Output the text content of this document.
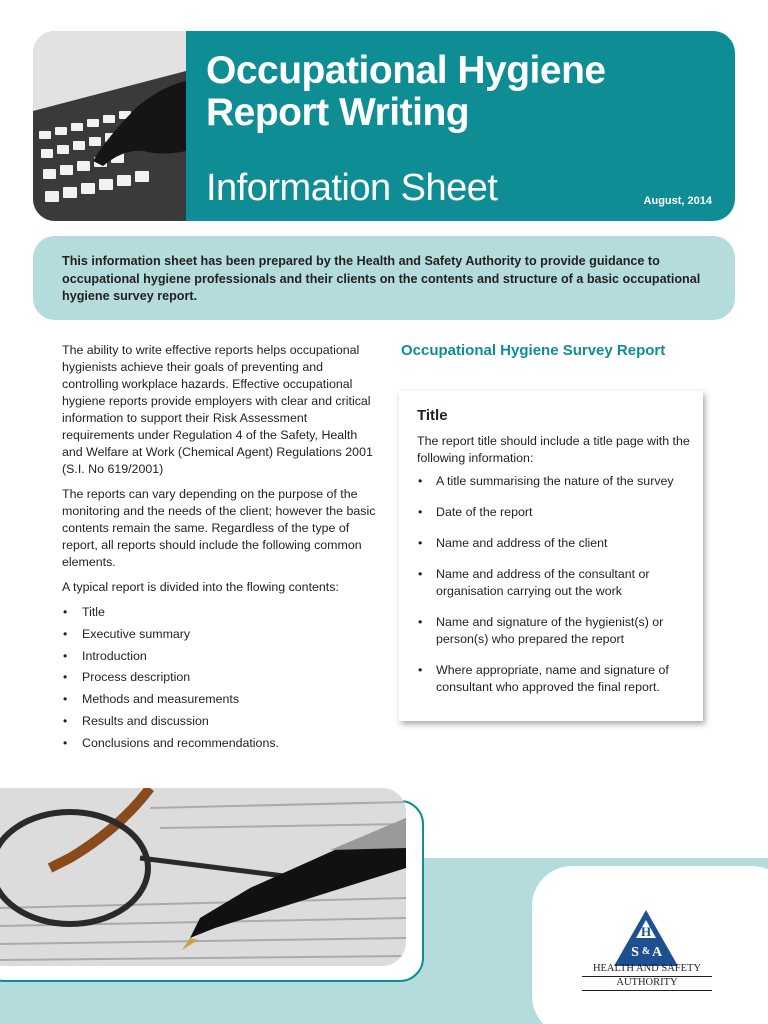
Occupational Hygiene
Report Writing
Information Sheet	August, 2014
This information sheet has been prepared by the Health and Safety Authority to provide guidance to occupational hygiene professionals and their clients on the contents and structure of a basic occupational hygiene survey report.

The ability to write effective reports helps occupational hygienists achieve their goals of preventing and controlling workplace hazards. Effective occupational hygiene reports provide employers with clear and critical information to support their Risk Assessment requirements under Regulation 4 of the Safety, Health and Welfare at Work (Chemical Agent) Regulations 2001 (S.I. No 619/2001)

The reports can vary depending on the purpose of the monitoring and the needs of the client; however the basic contents remain the same. Regardless of the type of report, all reports should include the following common elements.

A typical report is divided into the flowing contents:

• Title
• Executive summary
• Introduction
• Process description
• Methods and measurements
• Results and discussion
• Conclusions and recommendations.
Occupational Hygiene Survey Report
Title
The report title should include a title page with the following information:
• A title summarising the nature of the survey
• Date of the report
• Name and address of the client
• Name and address of the consultant or organisation carrying out the work
• Name and signature of the hygienist(s) or person(s) who prepared the report
• Where appropriate, name and signature of consultant who approved the final report.
H
S & A
HEALTH AND SAFETY
AUTHORITY
